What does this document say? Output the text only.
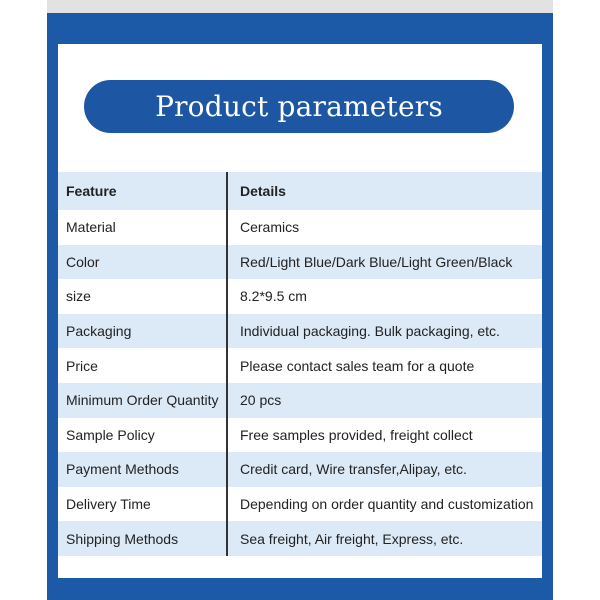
Product parameters
Feature	Details
Material	Ceramics
Color	Red/Light Blue/Dark Blue/Light Green/Black
size	8.2*9.5 cm
Packaging	Individual packaging. Bulk packaging, etc.
Price	Please contact sales team for a quote
Minimum Order Quantity	20 pcs
Sample Policy	Free samples provided, freight collect
Payment Methods	Credit card, Wire transfer,Alipay, etc.
Delivery Time	Depending on order quantity and customization
Shipping Methods	Sea freight, Air freight, Express, etc.
